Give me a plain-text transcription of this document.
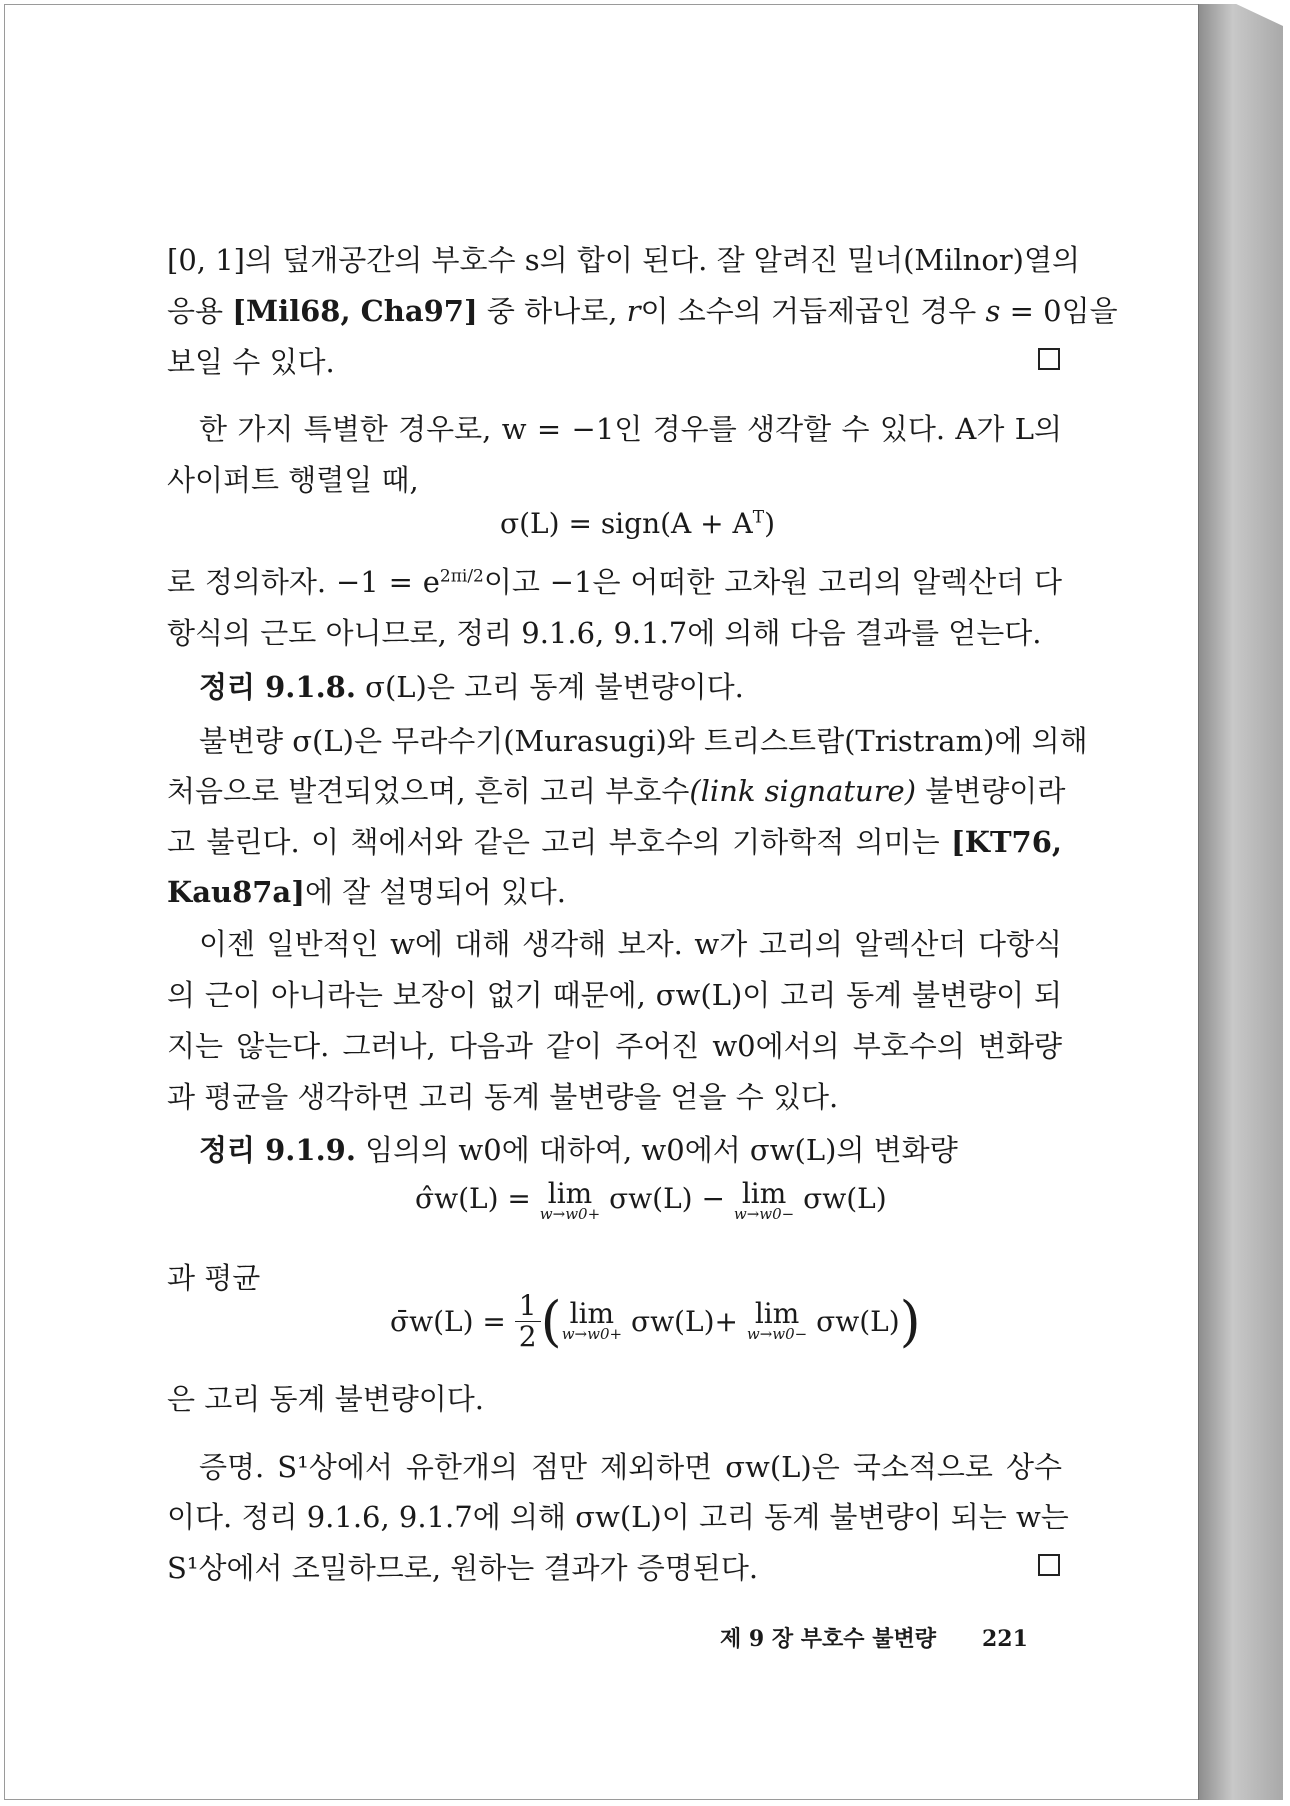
[0, 1]의 덮개공간의 부호수 s의 합이 된다. 잘 알려진 밀너(Milnor)열의
응용 [Mil68, Cha97] 중 하나로, r이 소수의 거듭제곱인 경우 s = 0임을
보일 수 있다.
한 가지 특별한 경우로, w = −1인 경우를 생각할 수 있다. A가 L의
사이퍼트 행렬일 때,
σ(L) = sign(A + $A^T$)
로 정의하자. $-1 = e^{2\pi i/2}$이고 −1은 어떠한 고차원 고리의 알렉산더 다
항식의 근도 아니므로, 정리 9.1.6, 9.1.7에 의해 다음 결과를 얻는다.
정리 9.1.8. σ(L)은 고리 동계 불변량이다.
불변량 σ(L)은 무라수기(Murasugi)와 트리스트람(Tristram)에 의해
처음으로 발견되었으며, 흔히 고리 부호수(link signature) 불변량이라
고 불린다. 이 책에서와 같은 고리 부호수의 기하학적 의미는 [KT76,
Kau87a]에 잘 설명되어 있다.
이젠 일반적인 w에 대해 생각해 보자. w가 고리의 알렉산더 다항식
의 근이 아니라는 보장이 없기 때문에, σw(L)이 고리 동계 불변량이 되
지는 않는다. 그러나, 다음과 같이 주어진 w0에서의 부호수의 변화량
과 평균을 생각하면 고리 동계 불변량을 얻을 수 있다.
정리 9.1.9. 임의의 w0에 대하여, w0에서 σw(L)의 변화량
σ̂w(L) = lim
w→w0+ σw(L) − lim
w→w0− σw(L)
과 평균
σ̄w(L) = $\frac{1}{2}$ ( lim
w→w0+ σw(L)+ lim
w→w0− σw(L))
은 고리 동계 불변량이다.
증명. S¹상에서 유한개의 점만 제외하면 σw(L)은 국소적으로 상수
이다. 정리 9.1.6, 9.1.7에 의해 σw(L)이 고리 동계 불변량이 되는 w는
S¹상에서 조밀하므로, 원하는 결과가 증명된다.
제 9 장 부호수 불변량 221
